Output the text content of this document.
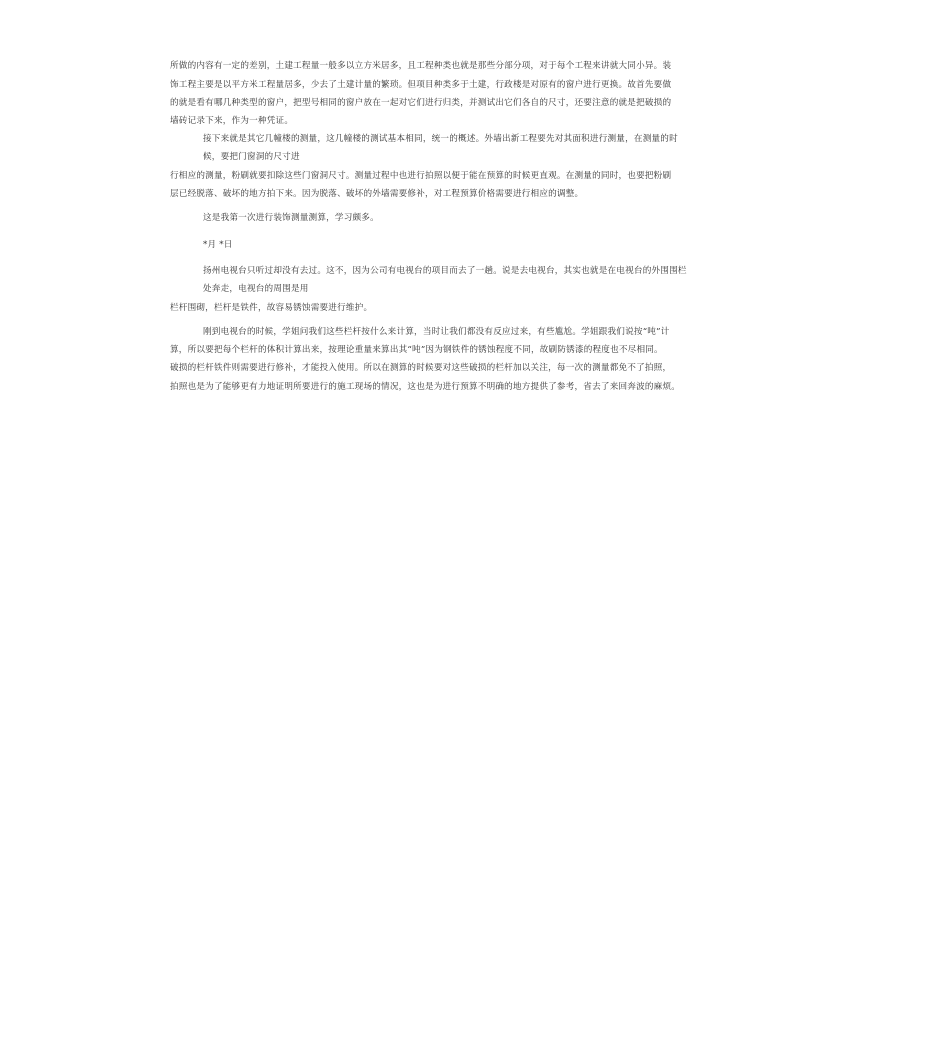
所做的内容有一定的差别，土建工程量一般多以立方米居多，且工程种类也就是那些分部分项，对于每个工程来讲就大同小异。装
饰工程主要是以平方米工程量居多，少去了土建计量的繁琐。但项目种类多于土建，行政楼是对原有的窗户进行更换。故首先要做
的就是看有哪几种类型的窗户，把型号相同的窗户放在一起对它们进行归类，并测试出它们各自的尺寸，还要注意的就是把破损的
墙砖记录下来，作为一种凭证。
接下来就是其它几幢楼的测量，这几幢楼的测试基本相同，统一的概述。外墙出新工程要先对其面积进行测量，在测量的时
候，要把门窗洞的尺寸进
行相应的测量，粉刷就要扣除这些门窗洞尺寸。测量过程中也进行拍照以便于能在预算的时候更直观。在测量的同时，也要把粉刷
层已经脱落、破坏的地方拍下来。因为脱落、破坏的外墙需要修补，对工程预算价格需要进行相应的调整。
这是我第一次进行装饰测量测算，学习颇多。
*月 *日
扬州电视台只听过却没有去过。这不，因为公司有电视台的项目而去了一趟。说是去电视台，其实也就是在电视台的外围围栏
处奔走，电视台的周围是用
栏杆围砌，栏杆是铁件，故容易锈蚀需要进行维护。
刚到电视台的时候，学姐问我们这些栏杆按什么来计算，当时让我们都没有反应过来，有些尴尬。学姐跟我们说按“吨”计
算，所以要把每个栏杆的体积计算出来，按理论重量来算出其“吨”因为钢铁件的锈蚀程度不同，故刷防锈漆的程度也不尽相同。
破损的栏杆铁件则需要进行修补，才能投入使用。所以在测算的时候要对这些破损的栏杆加以关注，每一次的测量都免不了拍照，
拍照也是为了能够更有力地证明所要进行的施工现场的情况，这也是为进行预算不明确的地方提供了参考，省去了来回奔波的麻烦。
